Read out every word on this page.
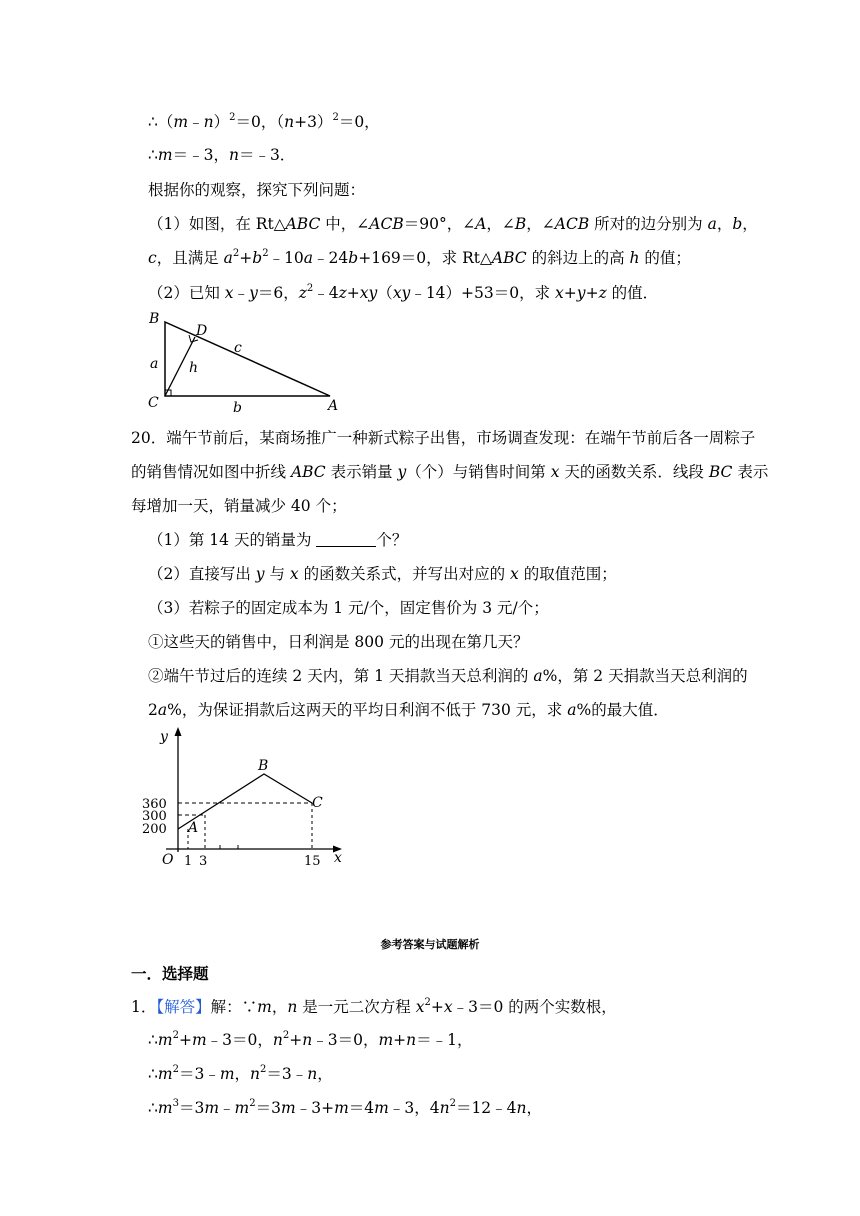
∴（m﹣n）$^2$＝0，$(n+3)^2=0$，
∴m＝﹣3，n＝﹣3．
根据你的观察，探究下列问题：
（1）如图，在 Rt△ABC 中，∠ACB＝90°，∠A，∠B，∠ACB 所对的边分别为 a，b，
c，且满足 $a^2+b^2﹣10a﹣24b+169=0$，求 Rt△ABC 的斜边上的高 h 的值；
（2）已知 x﹣y＝6，$z^2﹣4z+xy(xy﹣14)+53=0$，求 x+y+z 的值．
B
D
C	A
a
b
c
h
20．端午节前后，某商场推广一种新式粽子出售，市场调查发现：在端午节前后各一周粽子
的销售情况如图中折线 ABC 表示销量 y（个）与销售时间第 x 天的函数关系．线段 BC 表示
每增加一天，销量减少 40 个；
（1）第 14 天的销量为	个？
（2）直接写出 y 与 x 的函数关系式，并写出对应的 x 的取值范围；
（3）若粽子的固定成本为 1 元/个，固定售价为 3 元/个；
①这些天的销售中，日利润是 800 元的出现在第几天？
②端午节过后的连续 2 天内，第 1 天捐款当天总利润的 a%，第 2 天捐款当天总利润的
2a%，为保证捐款后这两天的平均日利润不低于 730 元，求 a%的最大值．
y
x
O
360
300
200
1 3	15
A
B
C
参考答案与试题解析
一．选择题
1．【解答】解：∵m，n 是一元二次方程 $x^2+x﹣3=0$ 的两个实数根，
$\therefore m^2+m﹣3=0$，$n^2+n﹣3=0$，m+n＝﹣1，
$\therefore m^2=3﹣m$，$n^2=3﹣n$，
$\therefore m^3=3m﹣m^2=3m﹣3+m=4m﹣3$，$4n^2=12﹣4n$，
